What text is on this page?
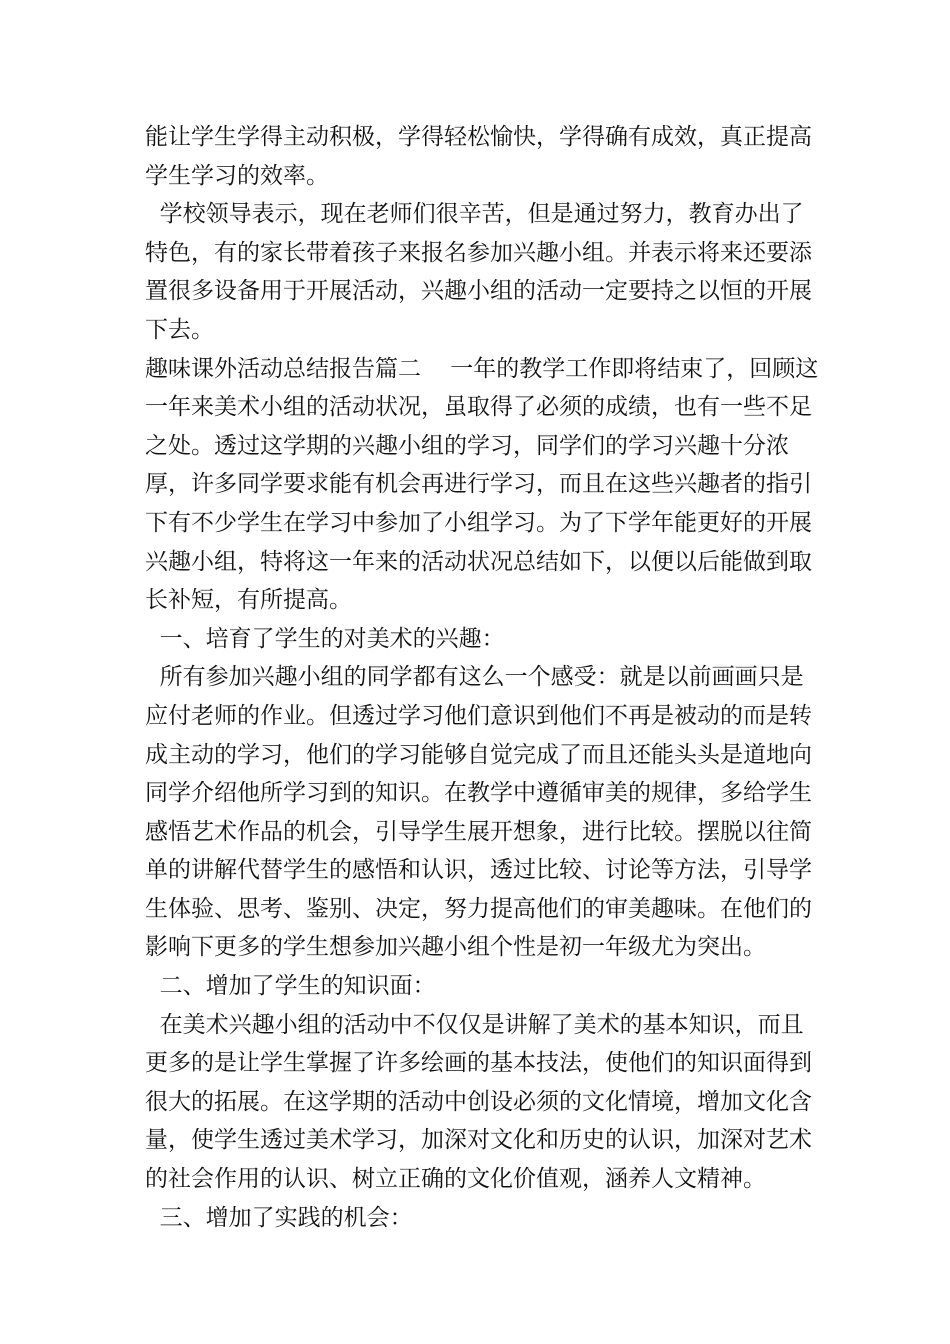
能让学生学得主动积极，学得轻松愉快，学得确有成效，真正提高学生学习的效率。

学校领导表示，现在老师们很辛苦，但是通过努力，教育办出了特色，有的家长带着孩子来报名参加兴趣小组。并表示将来还要添置很多设备用于开展活动，兴趣小组的活动一定要持之以恒的开展下去。

趣味课外活动总结报告篇二    一年的教学工作即将结束了，回顾这一年来美术小组的活动状况，虽取得了必须的成绩，也有一些不足之处。透过这学期的兴趣小组的学习，同学们的学习兴趣十分浓厚，许多同学要求能有机会再进行学习，而且在这些兴趣者的指引下有不少学生在学习中参加了小组学习。为了下学年能更好的开展兴趣小组，特将这一年来的活动状况总结如下，以便以后能做到取长补短，有所提高。

一、培育了学生的对美术的兴趣：

所有参加兴趣小组的同学都有这么一个感受：就是以前画画只是应付老师的作业。但透过学习他们意识到他们不再是被动的而是转成主动的学习，他们的学习能够自觉完成了而且还能头头是道地向同学介绍他所学习到的知识。在教学中遵循审美的规律，多给学生感悟艺术作品的机会，引导学生展开想象，进行比较。摆脱以往简单的讲解代替学生的感悟和认识，透过比较、讨论等方法，引导学生体验、思考、鉴别、决定，努力提高他们的审美趣味。在他们的影响下更多的学生想参加兴趣小组个性是初一年级尤为突出。

二、增加了学生的知识面：

在美术兴趣小组的活动中不仅仅是讲解了美术的基本知识，而且更多的是让学生掌握了许多绘画的基本技法，使他们的知识面得到很大的拓展。在这学期的活动中创设必须的文化情境，增加文化含量，使学生透过美术学习，加深对文化和历史的认识，加深对艺术的社会作用的认识、树立正确的文化价值观，涵养人文精神。

三、增加了实践的机会：
